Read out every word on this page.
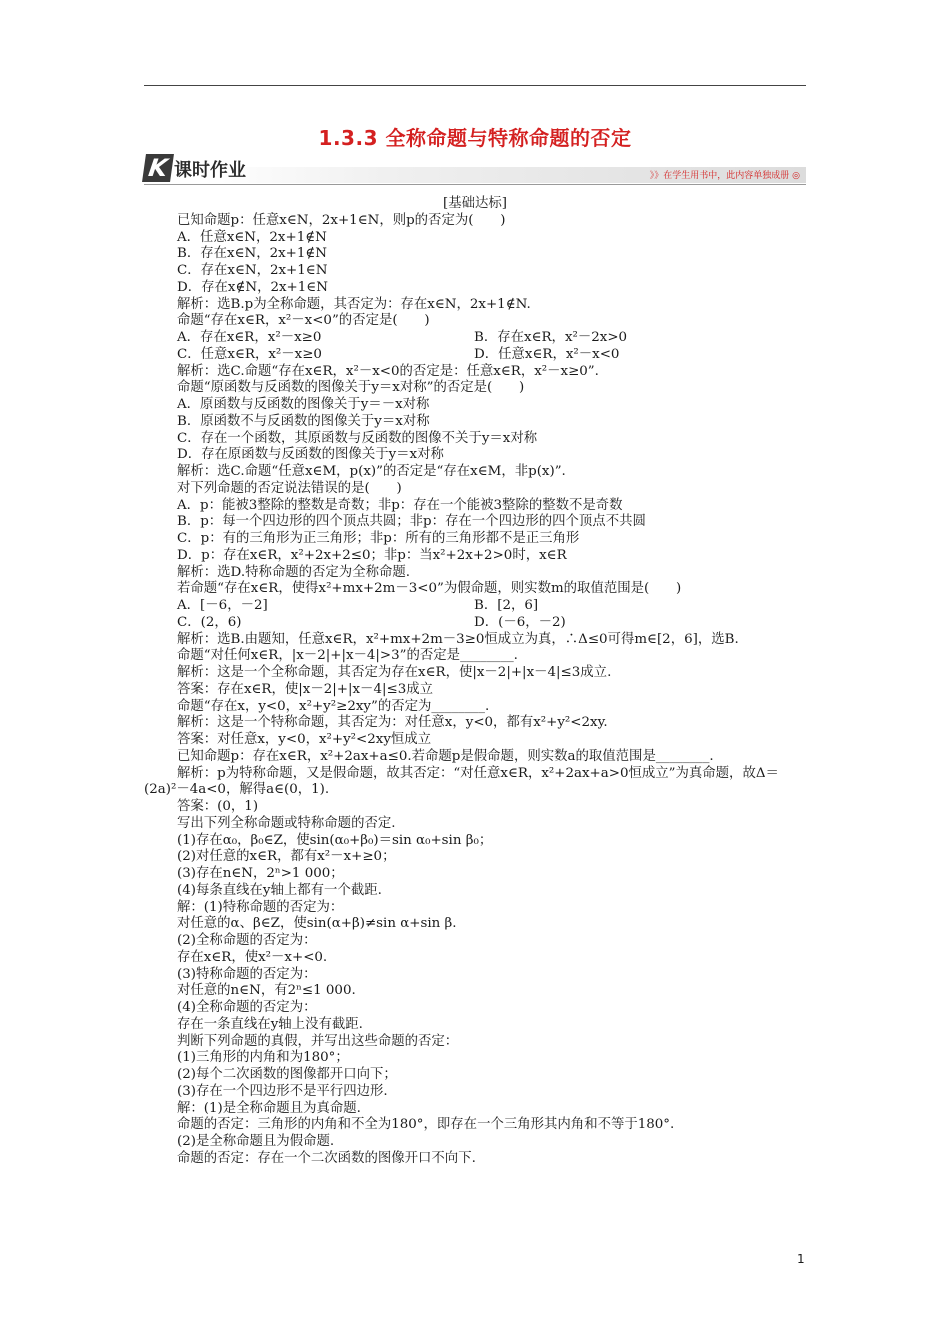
1.3.3 全称命题与特称命题的否定
K 课时作业	》》在学生用书中，此内容单独成册 ◎
[基础达标]
已知命题p：任意x∈N，2x+1∈N，则p的否定为(　　)
A．任意x∈N，2x+1∉N
B．存在x∈N，2x+1∉N
C．存在x∈N，2x+1∈N
D．存在x∉N，2x+1∈N
解析：选B.p为全称命题，其否定为：存在x∈N，2x+1∉N.
命题“存在x∈R，x²－x<0”的否定是(　　)
A．存在x∈R，x²－x≥0	B．存在x∈R，x²－2x>0
C．任意x∈R，x²－x≥0	D．任意x∈R，x²－x<0
解析：选C.命题“存在x∈R，x²－x<0的否定是：任意x∈R，x²－x≥0”.
命题“原函数与反函数的图像关于y＝x对称”的否定是(　　)
A．原函数与反函数的图像关于y＝－x对称
B．原函数不与反函数的图像关于y＝x对称
C．存在一个函数，其原函数与反函数的图像不关于y＝x对称
D．存在原函数与反函数的图像关于y＝x对称
解析：选C.命题“任意x∈M，p(x)”的否定是“存在x∈M，非p(x)”.
对下列命题的否定说法错误的是(　　)
A．p：能被3整除的整数是奇数；非p：存在一个能被3整除的整数不是奇数
B．p：每一个四边形的四个顶点共圆；非p：存在一个四边形的四个顶点不共圆
C．p：有的三角形为正三角形；非p：所有的三角形都不是正三角形
D．p：存在x∈R，x²+2x+2≤0；非p：当x²+2x+2>0时，x∈R
解析：选D.特称命题的否定为全称命题.
若命题“存在x∈R，使得x²+mx+2m－3<0”为假命题，则实数m的取值范围是(　　)
A．[－6，－2]	B．[2，6]
C．(2，6)	D．(－6，－2)
解析：选B.由题知，任意x∈R，x²+mx+2m－3≥0恒成立为真，∴Δ≤0可得m∈[2，6]，选B.
命题“对任何x∈R，|x－2|+|x－4|>3”的否定是________.
解析：这是一个全称命题，其否定为存在x∈R，使|x－2|+|x－4|≤3成立.
答案：存在x∈R，使|x－2|+|x－4|≤3成立
命题“存在x，y<0，x²+y²≥2xy”的否定为________.
解析：这是一个特称命题，其否定为：对任意x，y<0，都有x²+y²<2xy.
答案：对任意x，y<0，x²+y²<2xy恒成立
已知命题p：存在x∈R，x²+2ax+a≤0.若命题p是假命题，则实数a的取值范围是________.
解析：p为特称命题，又是假命题，故其否定：“对任意x∈R，x²+2ax+a>0恒成立”为真命题，故Δ＝(2a)²－4a<0，解得a∈(0，1).
答案：(0，1)
写出下列全称命题或特称命题的否定.
(1)存在α₀，β₀∈Z，使sin(α₀+β₀)＝sin α₀+sin β₀；
(2)对任意的x∈R，都有x²－x+≥0；
(3)存在n∈N，2ⁿ>1 000；
(4)每条直线在y轴上都有一个截距.
解：(1)特称命题的否定为：
对任意的α、β∈Z，使sin(α+β)≠sin α+sin β.
(2)全称命题的否定为：
存在x∈R，使x²－x+<0.
(3)特称命题的否定为：
对任意的n∈N，有2ⁿ≤1 000.
(4)全称命题的否定为：
存在一条直线在y轴上没有截距.
判断下列命题的真假，并写出这些命题的否定：
(1)三角形的内角和为180°；
(2)每个二次函数的图像都开口向下；
(3)存在一个四边形不是平行四边形.
解：(1)是全称命题且为真命题.
命题的否定：三角形的内角和不全为180°，即存在一个三角形其内角和不等于180°.
(2)是全称命题且为假命题.
命题的否定：存在一个二次函数的图像开口不向下.
1
